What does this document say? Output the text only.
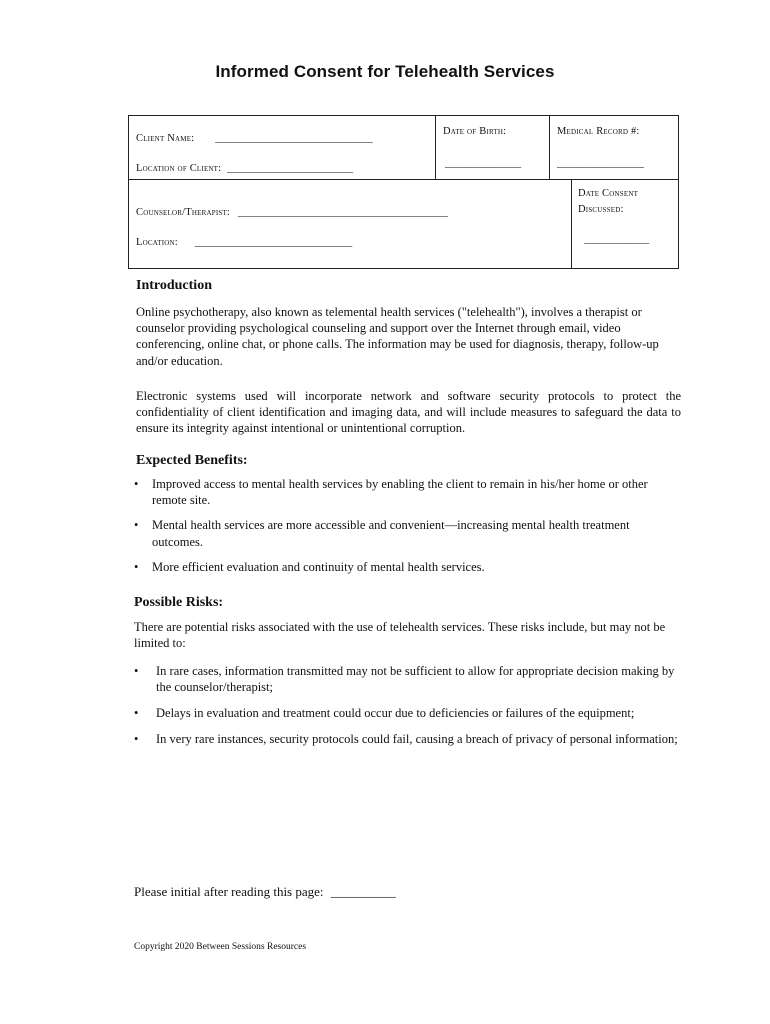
Informed Consent for Telehealth Services
Client Name: ______________________________
Location of Client: ________________________
Date of Birth:
______________
Medical Record #:
________________
Counselor/Therapist: ________________________________________
Location: ______________________________
Date Consent
Discussed:
____________
Introduction
Online psychotherapy, also known as telemental health services ("telehealth"), involves a therapist or counselor providing psychological counseling and support over the Internet through email, video conferencing, online chat, or phone calls. The information may be used for diagnosis, therapy, follow-up and/or education.
Electronic systems used will incorporate network and software security protocols to protect the confidentiality of client identification and imaging data, and will include measures to safeguard the data to ensure its integrity against intentional or unintentional corruption.
Expected Benefits:
• Improved access to mental health services by enabling the client to remain in his/her home or other remote site.
• Mental health services are more accessible and convenient—increasing mental health treatment outcomes.
• More efficient evaluation and continuity of mental health services.
Possible Risks:
There are potential risks associated with the use of telehealth services. These risks include, but may not be limited to:
• In rare cases, information transmitted may not be sufficient to allow for appropriate decision making by the counselor/therapist;
• Delays in evaluation and treatment could occur due to deficiencies or failures of the equipment;
• In very rare instances, security protocols could fail, causing a breach of privacy of personal information;
Please initial after reading this page: __________
Copyright 2020 Between Sessions Resources
